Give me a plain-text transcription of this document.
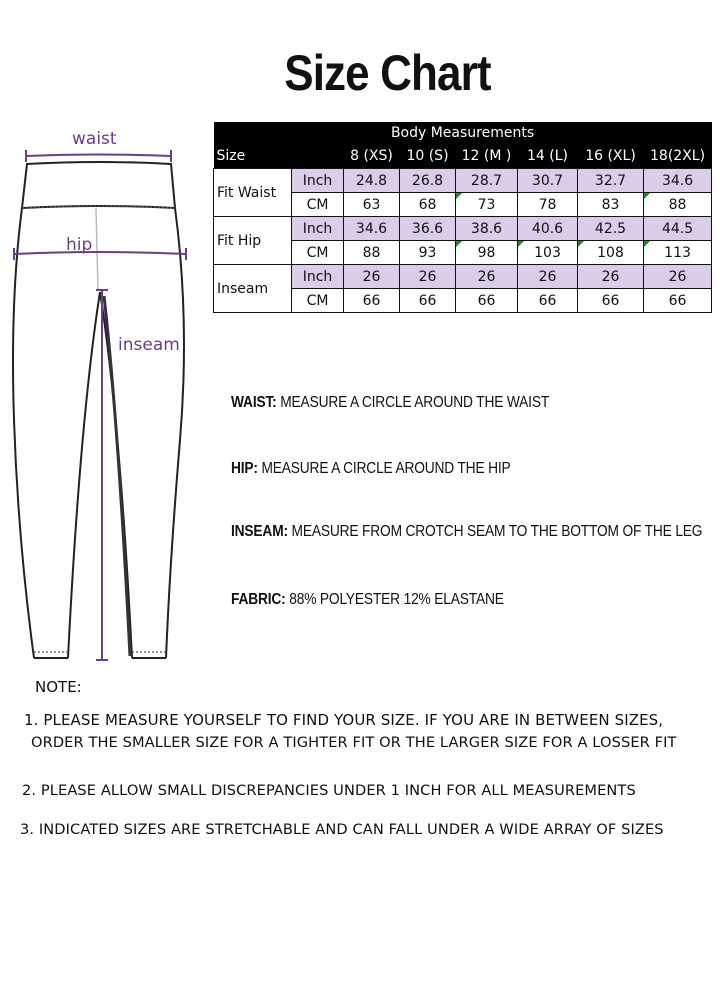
Size Chart
waist
hip
inseam
Body Measurements							
Size		8 (XS)	10 (S)	12 (M )	14 (L)	16 (XL)	18(2XL)
Fit Waist	Inch	24.8	26.8	28.7	30.7	32.7	34.6
	CM	63	68	73	78	83	88
Fit Hip	Inch	34.6	36.6	38.6	40.6	42.5	44.5
	CM	88	93	98	103	108	113
Inseam	Inch	26	26	26	26	26	26
	CM	66	66	66	66	66	66
WAIST: MEASURE A CIRCLE AROUND THE WAIST
HIP: MEASURE A CIRCLE AROUND THE HIP
INSEAM: MEASURE FROM CROTCH SEAM TO THE BOTTOM OF THE LEG
FABRIC: 88% POLYESTER 12% ELASTANE
NOTE:
1. PLEASE MEASURE YOURSELF TO FIND YOUR SIZE. IF YOU ARE IN BETWEEN SIZES,
ORDER THE SMALLER SIZE FOR A TIGHTER FIT OR THE LARGER SIZE FOR A LOSSER FIT
2. PLEASE ALLOW SMALL DISCREPANCIES UNDER 1 INCH FOR ALL MEASUREMENTS
3. INDICATED SIZES ARE STRETCHABLE AND CAN FALL UNDER A WIDE ARRAY OF SIZES
